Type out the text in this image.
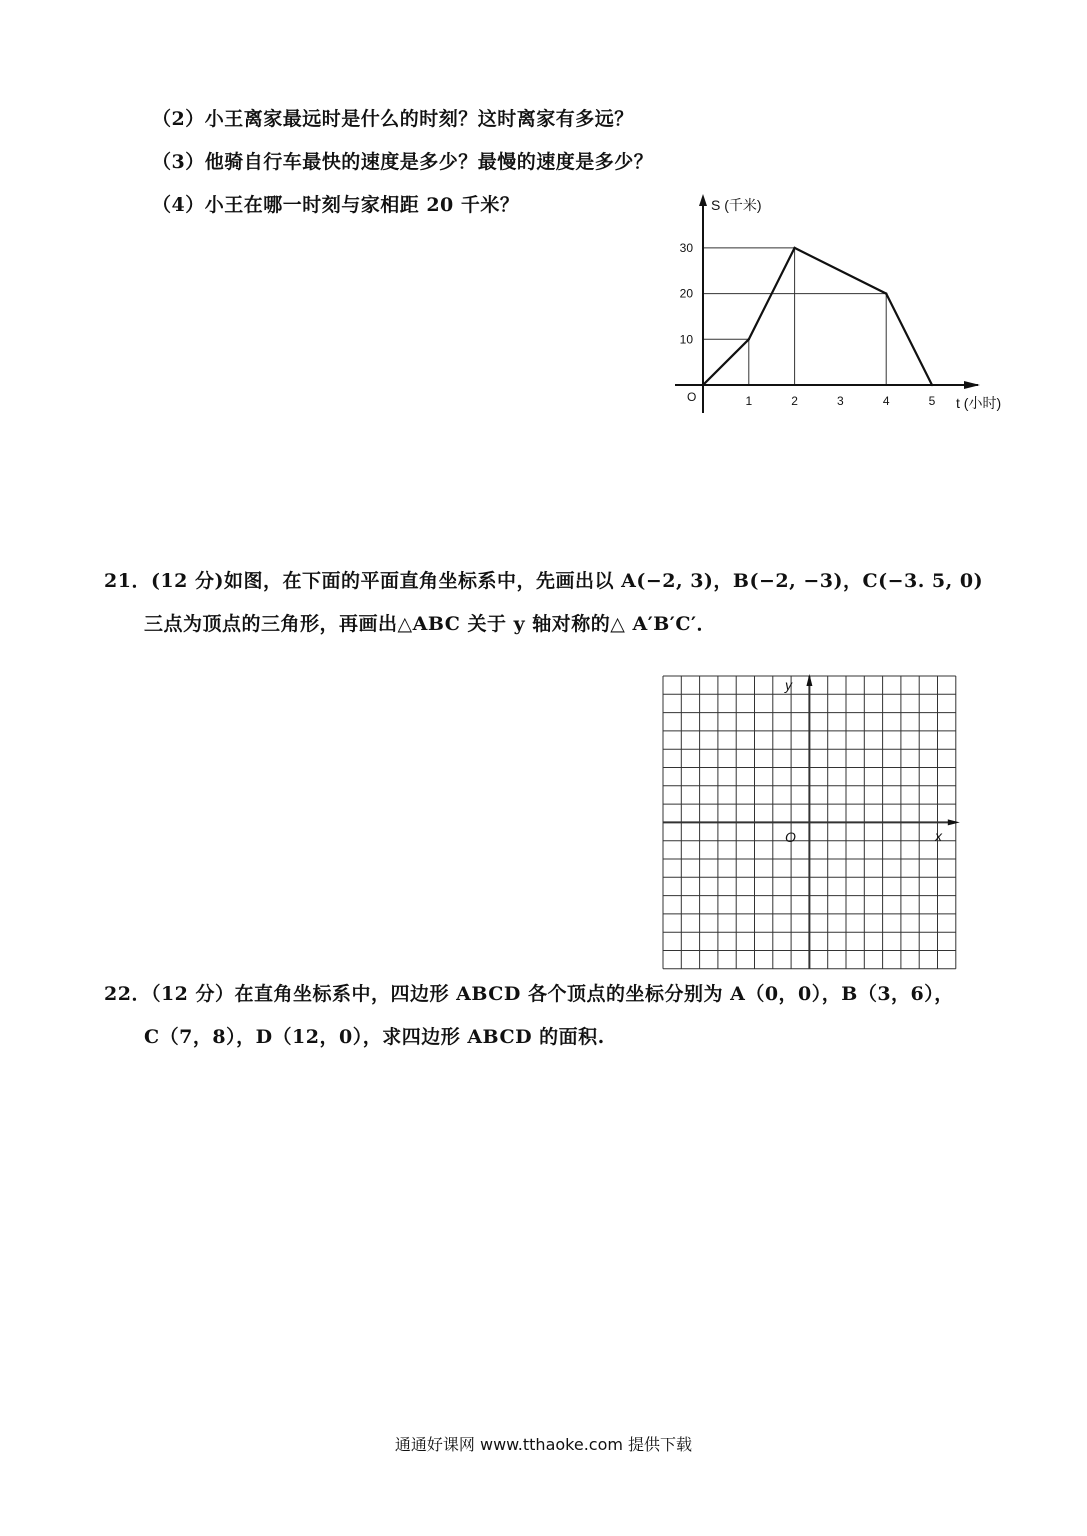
（2）小王离家最远时是什么的时刻？这时离家有多远？
（3）他骑自行车最快的速度是多少？最慢的速度是多少？
（4）小王在哪一时刻与家相距 20 千米？
1	2	3	4	5
10
20
30
O
S (千米)
t (小时)
21．(12 分)如图，在下面的平面直角坐标系中，先画出以 A(−2, 3)，B(−2, −3)，C(−3. 5, 0)
三点为顶点的三角形，再画出△ABC 关于 y 轴对称的△ A′B′C′．
y
x
O
22．（12 分）在直角坐标系中，四边形 ABCD 各个顶点的坐标分别为 A（0，0），B（3，6），
C（7，8），D（12，0），求四边形 ABCD 的面积.
通通好课网 www.tthaoke.com 提供下载
